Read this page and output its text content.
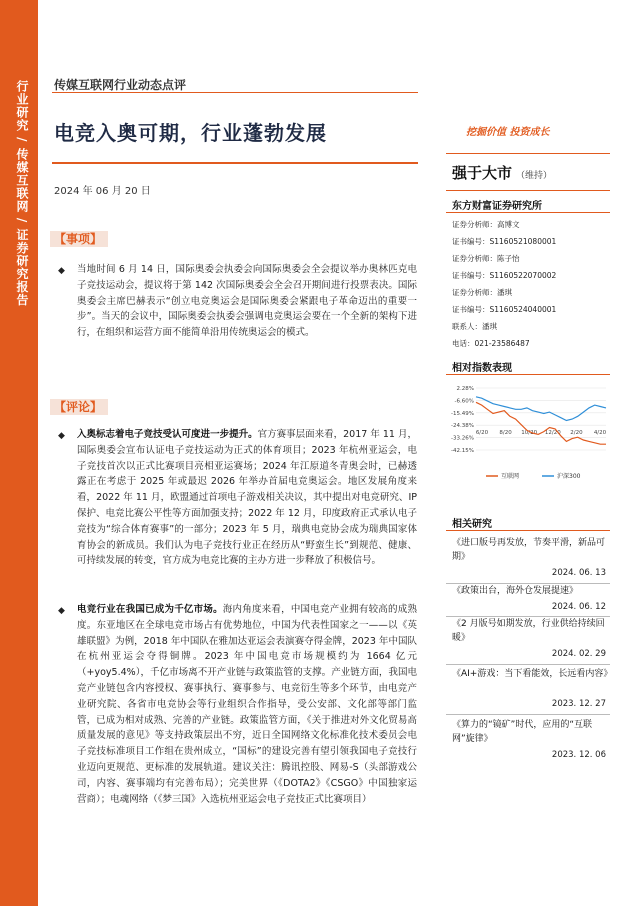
行业研究 / 传媒互联网 / 证券研究报告 传媒互联网行业动态点评
电竞入奥可期，行业蓬勃发展
2024 年 06 月 20 日
挖掘价值 投资成长
【事项】
◆ 当地时间 6 月 14 日，国际奥委会执委会向国际奥委会全会提议举办奥林匹克电子竞技运动会，提议将于第 142 次国际奥委会全会召开期间进行投票表决。国际奥委会主席巴赫表示“创立电竞奥运会是国际奥委会紧跟电子革命迈出的重要一步”。当天的会议中，国际奥委会执委会强调电竞奥运会要在一个全新的架构下进行，在组织和运营方面不能简单沿用传统奥运会的模式。
【评论】
◆ 入奥标志着电子竞技受认可度进一步提升。官方赛事层面来看，2017 年 11 月，国际奥委会宣布认证电子竞技运动为正式的体育项目；2023 年杭州亚运会，电子竞技首次以正式比赛项目亮相亚运赛场；2024 年江原道冬青奥会时，已赫透露正在考虑于 2025 年或最迟 2026 年举办首届电竞奥运会。地区发展角度来看，2022 年 11 月，欧盟通过首项电子游戏相关决议，其中提出对电竞研究、IP 保护、电竞比赛公平性等方面加强支持；2022 年 12 月，印度政府正式承认电子竞技为“综合体育赛事”的一部分；2023 年 5 月，瑞典电竞协会成为瑞典国家体育协会的新成员。我们认为电子竞技行业正在经历从“野蛮生长”到规范、健康、可持续发展的转变，官方成为电竞比赛的主办方进一步释放了积极信号。
◆ 电竞行业在我国已成为千亿市场。海内角度来看，中国电竞产业拥有较高的成熟度。东亚地区在全球电竞市场占有优势地位，中国为代表性国家之一——以《英雄联盟》为例，2018 年中国队在雅加达亚运会表演赛夺得金牌，2023 年中国队在杭州亚运会夺得铜牌。2023 年中国电竞市场规模约为 1664 亿元（+yoy5.4%），千亿市场离不开产业链与政策监管的支撑。产业链方面，我国电竞产业链包含内容授权、赛事执行、赛事参与、电竞衍生等多个环节，由电竞产业研究院、各省市电竞协会等行业组织合作指导，受公安部、文化部等部门监管，已成为相对成熟、完善的产业链。政策监管方面，《关于推进对外文化贸易高质量发展的意见》等支持政策层出不穷，近日全国网络文化标准化技术委员会电子竞技标准项目工作组在贵州成立，“国标”的建设完善有望引领我国电子竞技行业迈向更规范、更标准的发展轨道。建议关注：腾讯控股、网易-S（头部游戏公司，内容、赛事端均有完善布局）；完美世界（《DOTA2》《CSGO》中国独家运营商）；电魂网络（《梦三国》入选杭州亚运会电子竞技正式比赛项目）
强于大市 （维持）
东方财富证券研究所
证券分析师：高博文
证书编号：S1160521080001
证券分析师：陈子怡
证书编号：S1160522070002
证券分析师：潘琪
证书编号：S1160524040001
联系人：潘琪
电话：021-23586487
相对指数表现
2.28%
-6.60%
-15.49%
-24.38%
-33.26%
-42.15%
6/20 8/20 10/20 12/20 2/20 4/20
互联网	沪深300
相关研究
《进口版号再发放，节奏平滑，新品可期》
2024. 06. 13
《政策出台，海外仓发展提速》
2024. 06. 12
《2 月版号如期发放，行业供给持续回暖》
2024. 02. 29
《AI+游戏：当下看能效，长远看内容》
2023. 12. 27
《算力的“镜矿”时代，应用的“互联网”旋律》
2023. 12. 06
